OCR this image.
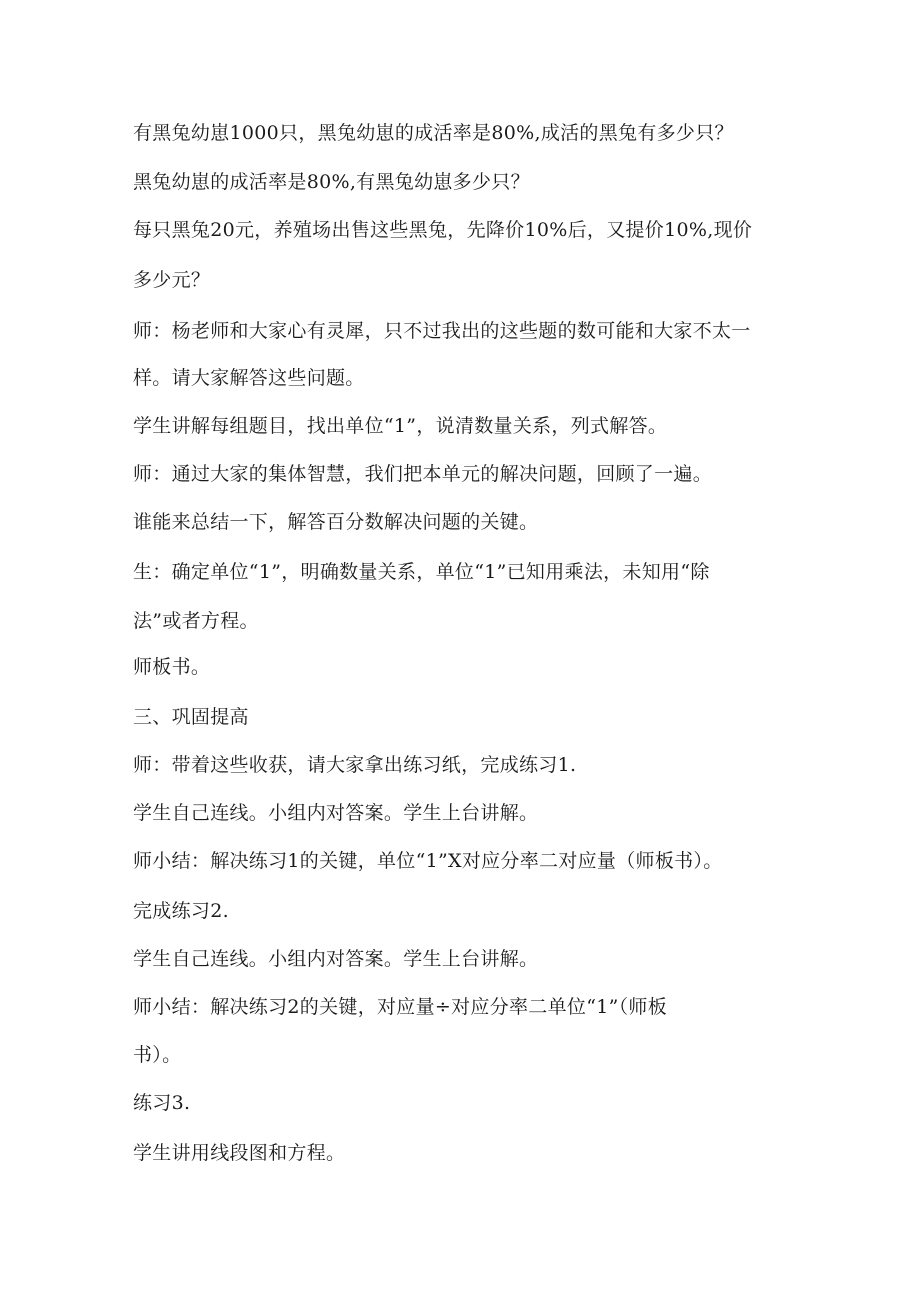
有黑兔幼崽1000只，黑兔幼崽的成活率是80%,成活的黑兔有多少只？
黑兔幼崽的成活率是80%,有黑兔幼崽多少只？
每只黑兔20元，养殖场出售这些黑兔，先降价10%后，又提价10%,现价
多少元？
师：杨老师和大家心有灵犀，只不过我出的这些题的数可能和大家不太一
样。请大家解答这些问题。
学生讲解每组题目，找出单位“1”，说清数量关系，列式解答。
师：通过大家的集体智慧，我们把本单元的解决问题，回顾了一遍。
谁能来总结一下，解答百分数解决问题的关键。
生：确定单位“1”，明确数量关系，单位“1”已知用乘法，未知用“除
法”或者方程。
师板书。
三、巩固提高
师：带着这些收获，请大家拿出练习纸，完成练习1.
学生自己连线。小组内对答案。学生上台讲解。
师小结：解决练习1的关键，单位“1”X对应分率二对应量（师板书）。
完成练习2.
学生自己连线。小组内对答案。学生上台讲解。
师小结：解决练习2的关键，对应量÷对应分率二单位“1”（师板
书）。
练习3.
学生讲用线段图和方程。
